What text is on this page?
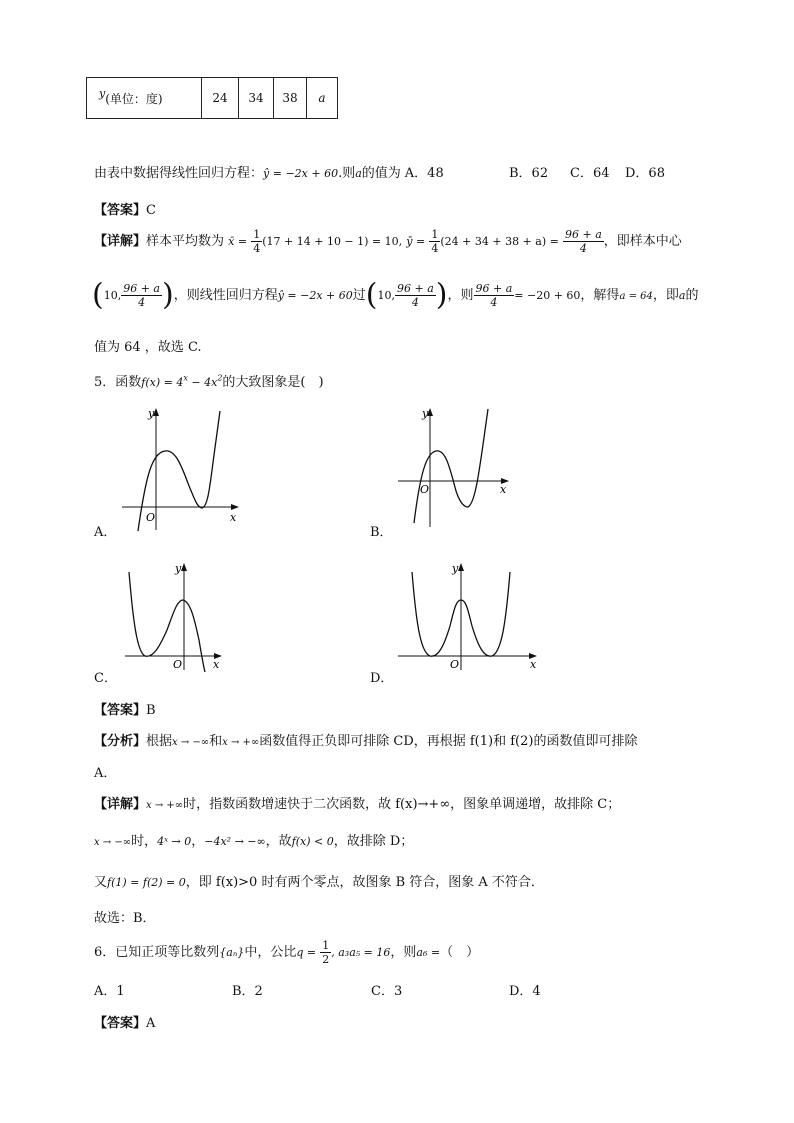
y(单位：度)	24	34	38	a
由表中数据得线性回归方程：ŷ = −2x + 60.则a的值为 A．48	B．62 C．64 D．68
【答案】C
【详解】样本平均数为 x̄ = $\frac{1}{4} (17 + 14 + 10 - 1) = 10$, ȳ = $\frac{1}{4} (24 + 34 + 38 + a) = \frac{96 + a}{4}$ ，即样本中心
(10, $\frac{96 + a}{4}$ )，则线性回归方程ŷ = −2x + 60过(10, $\frac{96 + a}{4}$ )，则 $\frac{96 + a}{4} = -20 + 60$，解得a = 64，即a的
值为 64 ，故选 C.
5．函数$f(x) = 4^x - 4x^2$的大致图象是(　)
y
x
O
A．
y
x
O
B．
y
x
O
C．
y
x
O
D．
【答案】B
【分析】根据x → −∞和x → +∞函数值得正负即可排除 CD，再根据 f(1)和 f(2)的函数值即可排除
A．
【详解】x → +∞时，指数函数增速快于二次函数，故 f(x)→+∞，图象单调递增，故排除 C；
x → −∞时，4ˣ → 0，−4x² → −∞，故f(x) < 0，故排除 D；
又f(1) = f(2) = 0，即 f(x)>0 时有两个零点，故图象 B 符合，图象 A 不符合．
故选：B．
6．已知正项等比数列{aₙ}中，公比$q = \frac{1}{2}$ , a₃a₅ = 16，则a₆ =（　）
A．1	B．2	C．3	D．4
【答案】A
